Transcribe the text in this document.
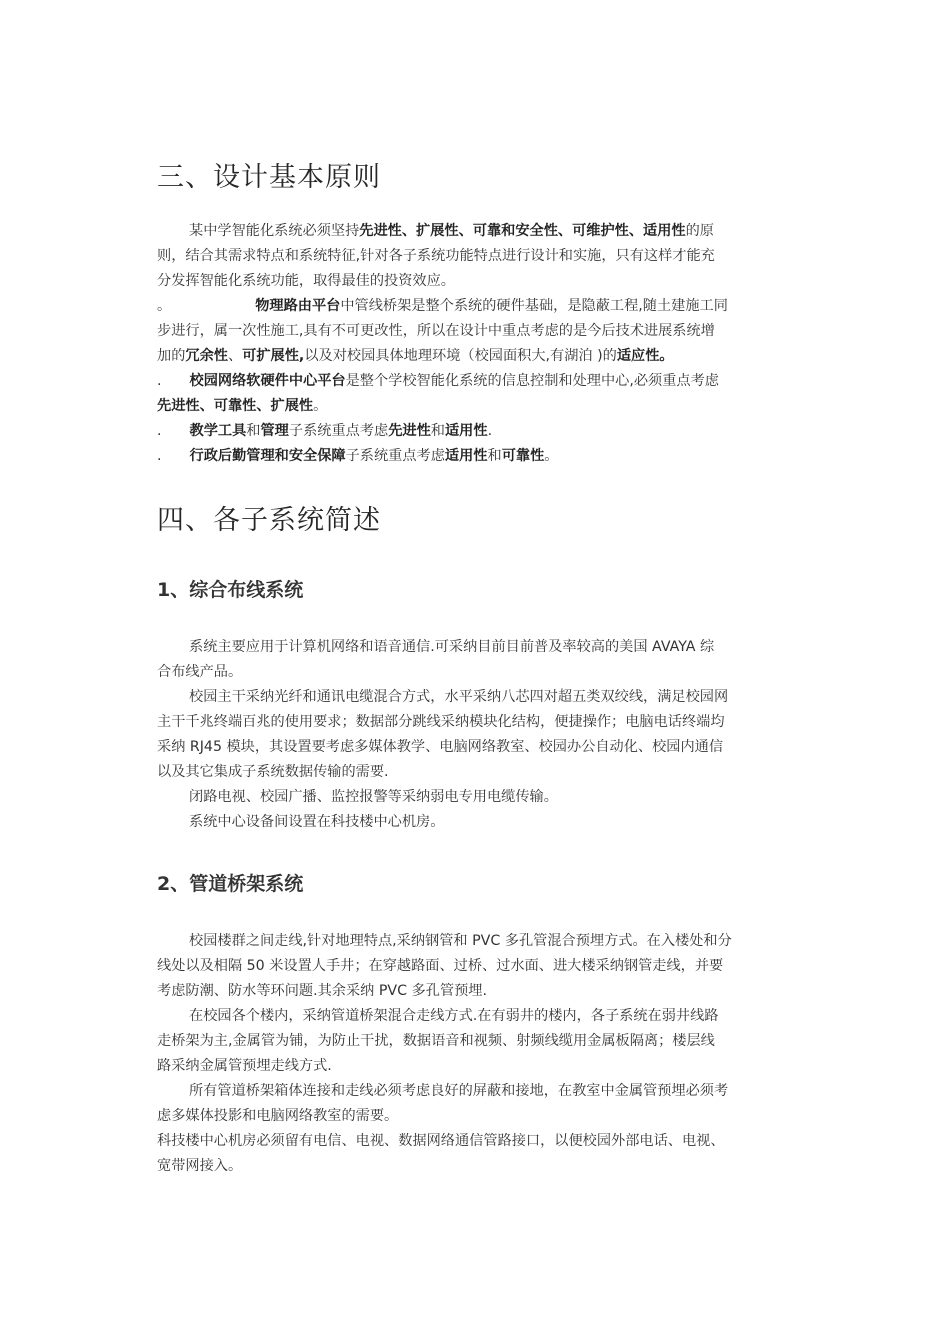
三、设计基本原则

某中学智能化系统必须坚持先进性、扩展性、可靠和安全性、可维护性、适用性的原

则，结合其需求特点和系统特征,针对各子系统功能特点进行设计和实施，只有这样才能充

分发挥智能化系统功能，取得最佳的投资效应。

。	物理路由平台中管线桥架是整个系统的硬件基础，是隐蔽工程,随土建施工同

步进行，属一次性施工,具有不可更改性，所以在设计中重点考虑的是今后技术进展系统增

加的冗余性、可扩展性,以及对校园具体地理环境（校园面积大,有湖泊 )的适应性。

. 校园网络软硬件中心平台是整个学校智能化系统的信息控制和处理中心,必须重点考虑

先进性、可靠性、扩展性。

. 教学工具和管理子系统重点考虑先进性和适用性.

. 行政后勤管理和安全保障子系统重点考虑适用性和可靠性。

四、各子系统简述
1、综合布线系统

系统主要应用于计算机网络和语音通信.可采纳目前目前普及率较高的美国 AVAYA 综

合布线产品。

校园主干采纳光纤和通讯电缆混合方式，水平采纳八芯四对超五类双绞线，满足校园网

主干千兆终端百兆的使用要求；数据部分跳线采纳模块化结构，便捷操作；电脑电话终端均

采纳 RJ45 模块，其设置要考虑多媒体教学、电脑网络教室、校园办公自动化、校园内通信

以及其它集成子系统数据传输的需要.

闭路电视、校园广播、监控报警等采纳弱电专用电缆传输。

系统中心设备间设置在科技楼中心机房。

2、管道桥架系统

校园楼群之间走线,针对地理特点,采纳钢管和 PVC 多孔管混合预埋方式。在入楼处和分

线处以及相隔 50 米设置人手井；在穿越路面、过桥、过水面、进大楼采纳钢管走线，并要

考虑防潮、防水等环问题.其余采纳 PVC 多孔管预埋.

在校园各个楼内，采纳管道桥架混合走线方式.在有弱井的楼内，各子系统在弱井线路

走桥架为主,金属管为铺，为防止干扰，数据语音和视频、射频线缆用金属板隔离；楼层线

路采纳金属管预埋走线方式.

所有管道桥架箱体连接和走线必须考虑良好的屏蔽和接地，在教室中金属管预埋必须考

虑多媒体投影和电脑网络教室的需要。

科技楼中心机房必须留有电信、电视、数据网络通信管路接口，以便校园外部电话、电视、

宽带网接入。
